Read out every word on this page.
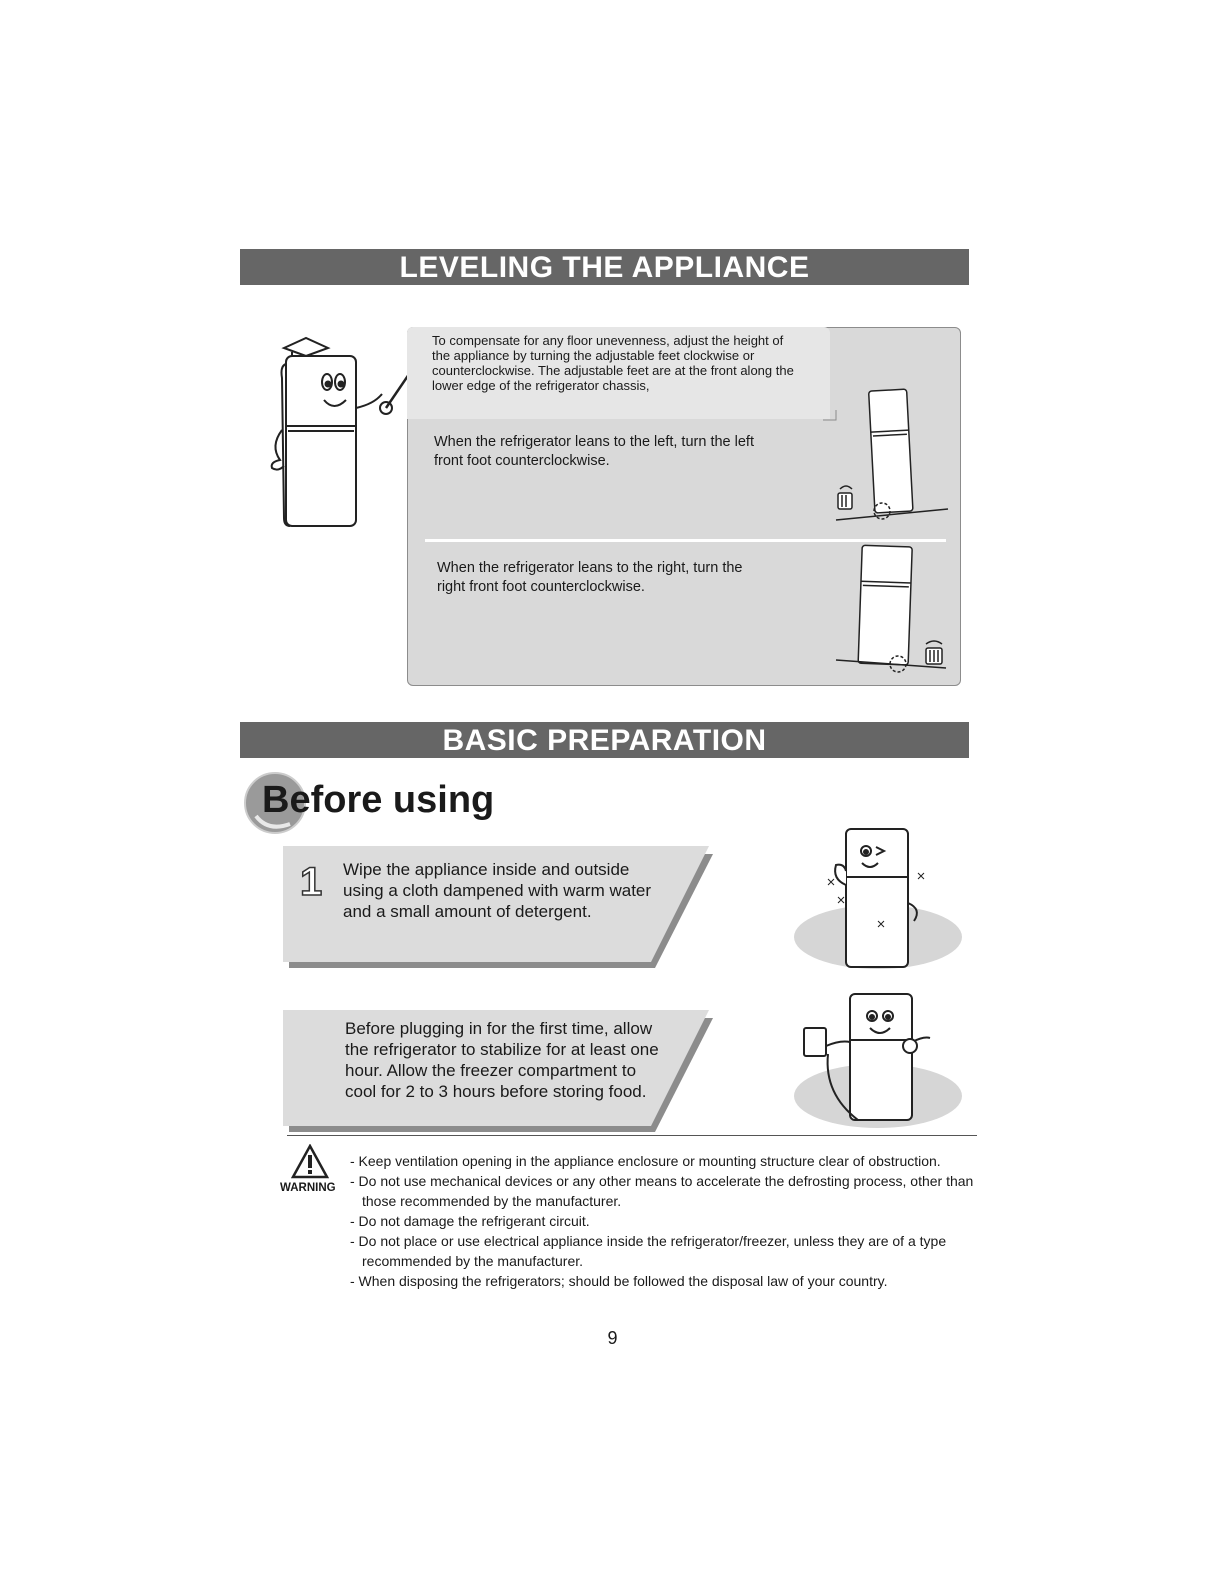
LEVELING THE APPLIANCE
To compensate for any floor unevenness, adjust the height of the appliance by turning the adjustable feet clockwise or counterclockwise. The adjustable feet are at the front along the lower edge of the refrigerator chassis,
When the refrigerator leans to the left, turn the left front foot counterclockwise.
When the refrigerator leans to the right, turn the right front foot counterclockwise.
BASIC PREPARATION
Before using
1 Wipe the appliance inside and outside using a cloth dampened with warm water and a small amount of detergent.
Before plugging in for the first time, allow the refrigerator to stabilize for at least one hour. Allow the freezer compartment to cool for 2 to 3 hours before storing food.
WARNING
- Keep ventilation opening in the appliance enclosure or mounting structure clear of obstruction.
- Do not use mechanical devices or any other means to accelerate the defrosting process, other than those recommended by the manufacturer.
- Do not damage the refrigerant circuit.
- Do not place or use electrical appliance inside the refrigerator/freezer, unless they are of a type recommended by the manufacturer.
- When disposing the refrigerators; should be followed the disposal law of your country.
9
